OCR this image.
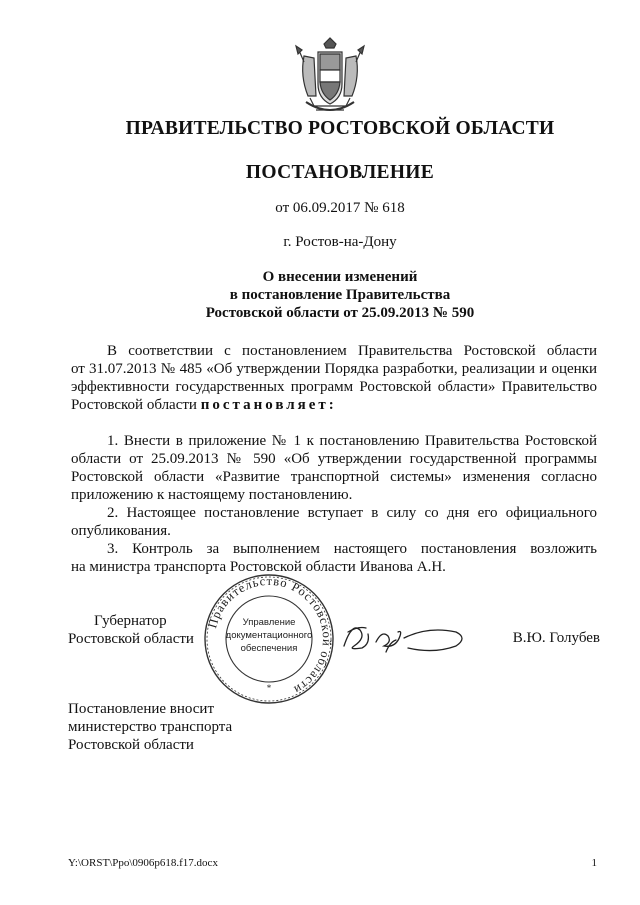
ПРАВИТЕЛЬСТВО РОСТОВСКОЙ ОБЛАСТИ
ПОСТАНОВЛЕНИЕ
от 06.09.2017 № 618
г. Ростов-на-Дону
О внесении изменений
в постановление Правительства
Ростовской области от 25.09.2013 № 590
В соответствии с постановлением Правительства Ростовской области
от 31.07.2013 № 485 «Об утверждении Порядка разработки, реализации и оценки
эффективности государственных программ Ростовской области» Правительство
Ростовской области постановляет:
1. Внести в приложение № 1 к постановлению Правительства Ростовской
области от 25.09.2013 № 590 «Об утверждении государственной программы
Ростовской области «Развитие транспортной системы» изменения согласно
приложению к настоящему постановлению.
2. Настоящее постановление вступает в силу со дня его официального
опубликования.
3. Контроль за выполнением настоящего постановления возложить
на министра транспорта Ростовской области Иванова А.Н.
Губернатор
Ростовской области
Правительство Ростовской области
Управление
документационного
обеспечения
*
В.Ю. Голубев
Постановление вносит
министерство транспорта
Ростовской области
Y:\ORST\Ppo\0906p618.f17.docx	1
